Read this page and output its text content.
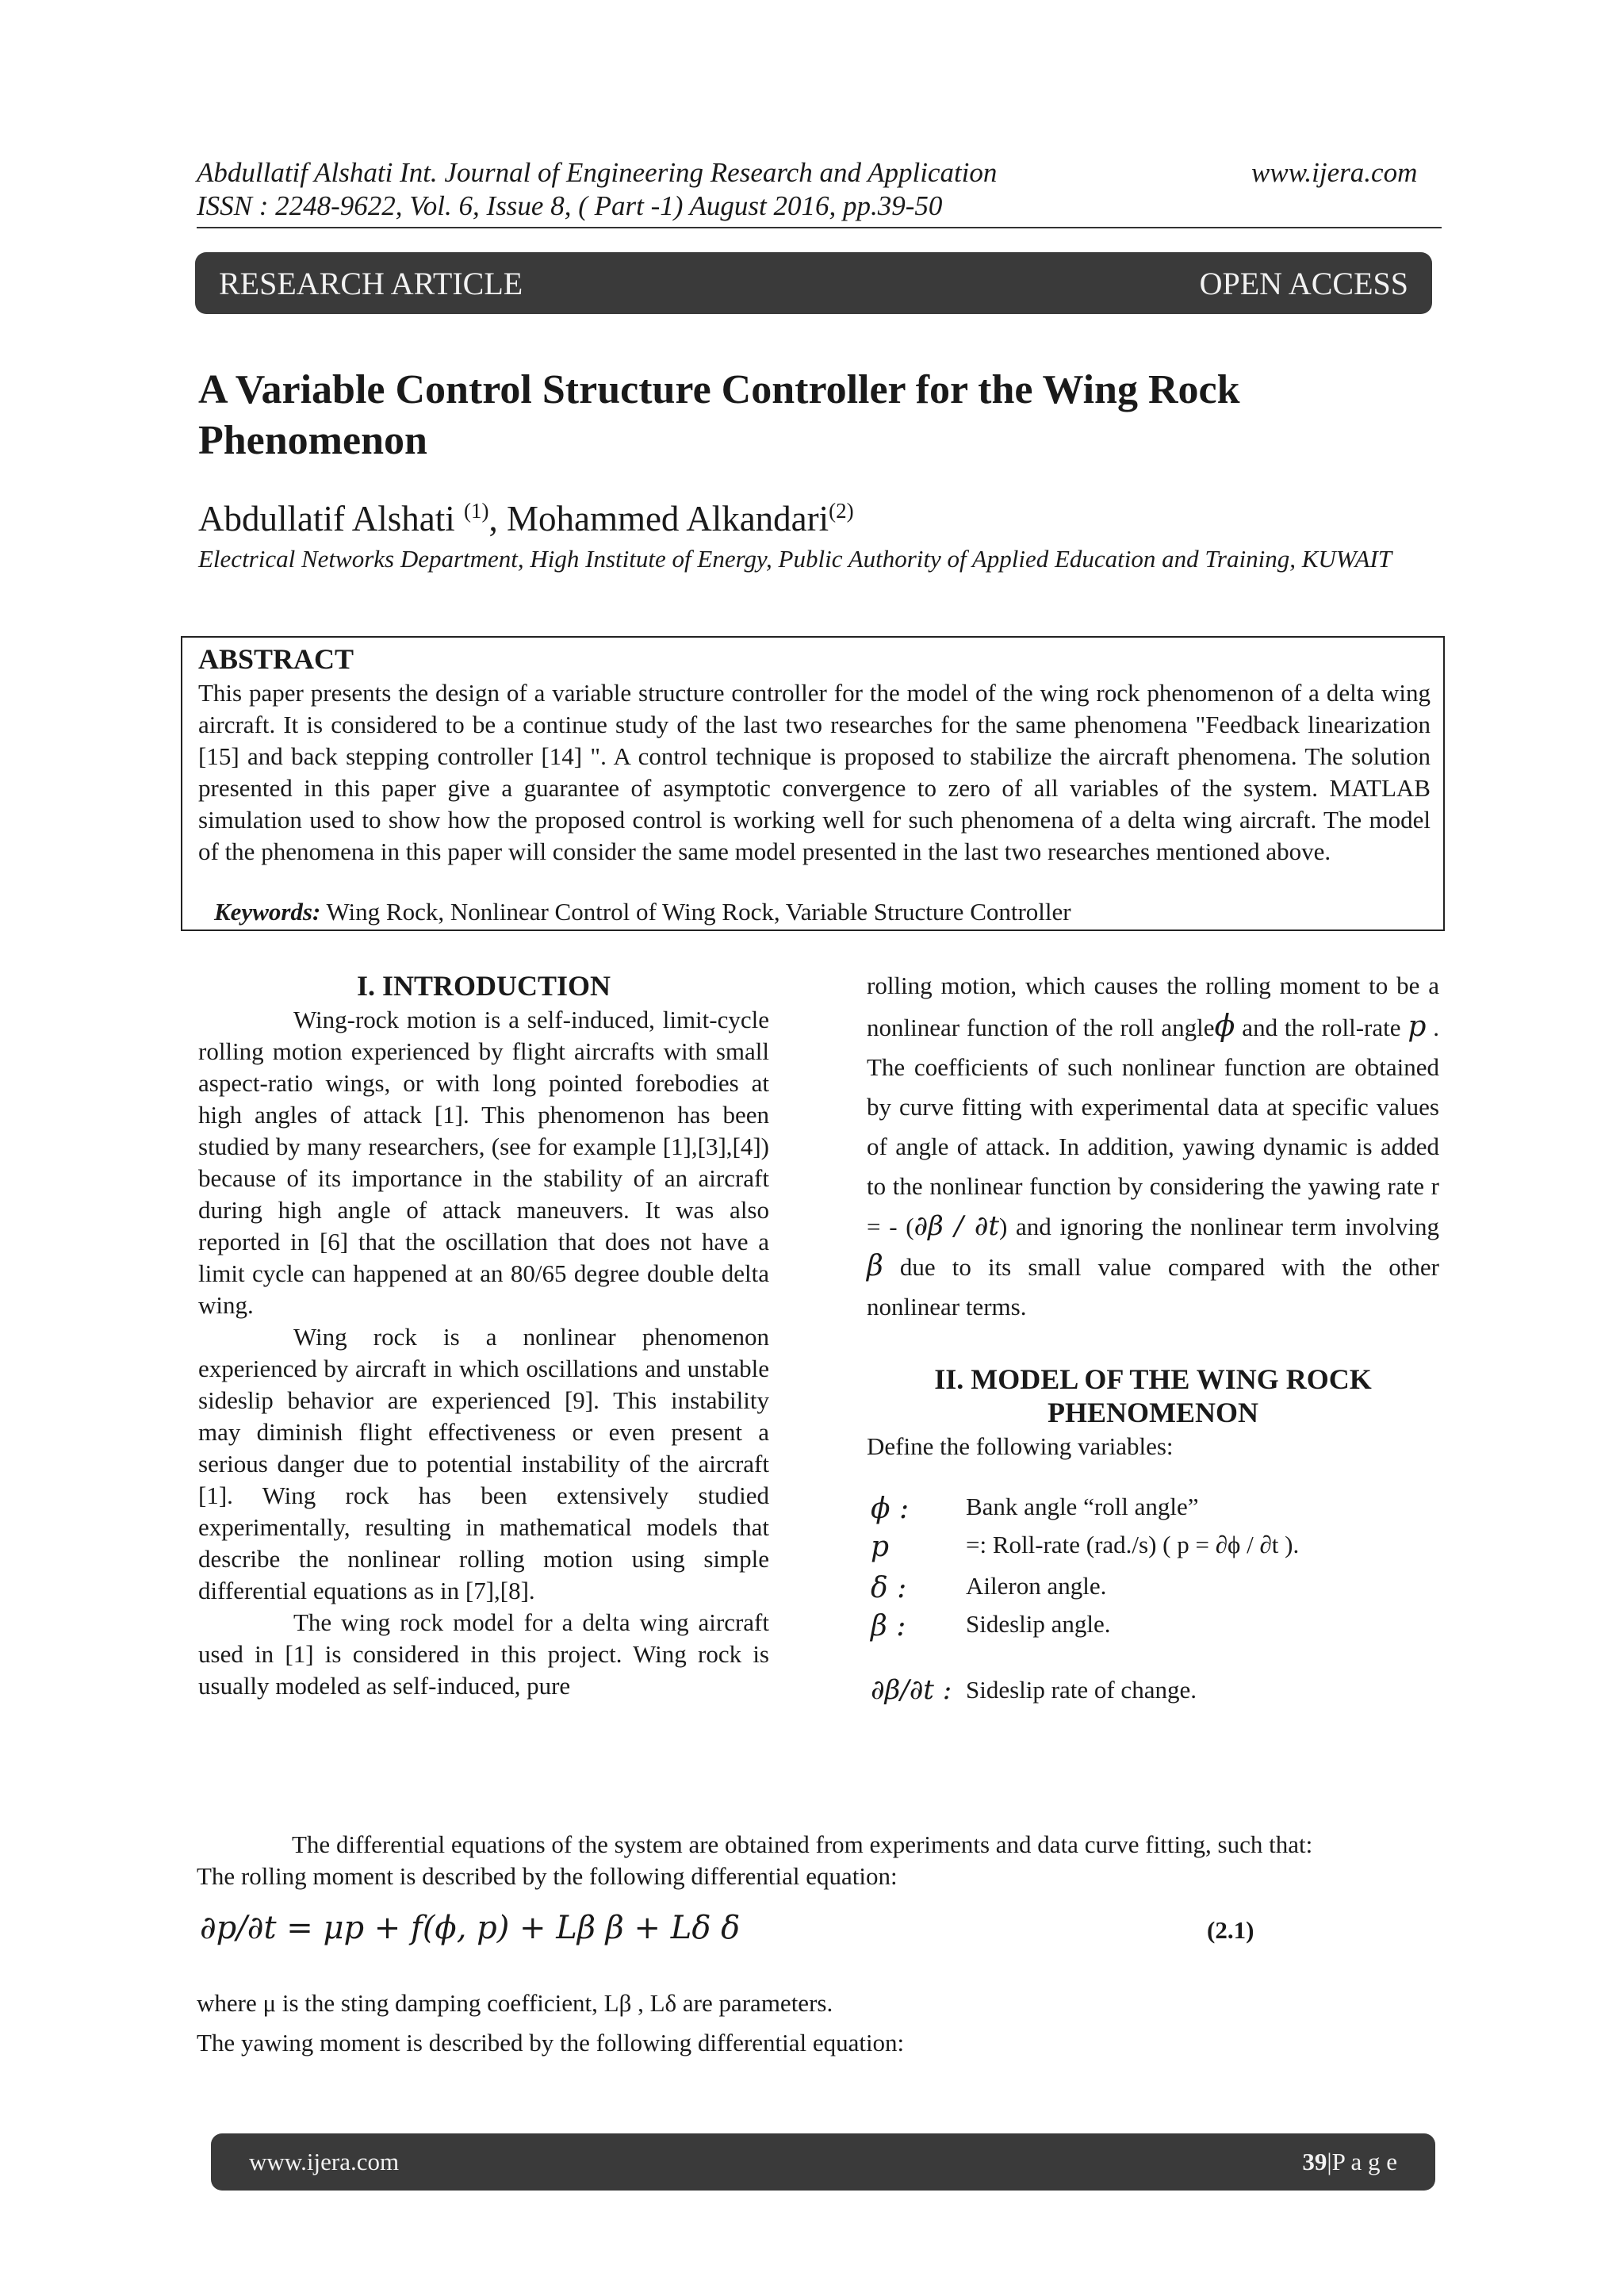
Abdullatif Alshati Int. Journal of Engineering Research and Application	www.ijera.com
ISSN : 2248-9622, Vol. 6, Issue 8, ( Part -1) August 2016, pp.39-50
RESEARCH ARTICLE	OPEN ACCESS
A Variable Control Structure Controller for the Wing Rock Phenomenon
Abdullatif Alshati $^{(1)}$, Mohammed Alkandari$^{(2)}$
Electrical Networks Department, High Institute of Energy, Public Authority of Applied Education and Training, KUWAIT
ABSTRACT
This paper presents the design of a variable structure controller for the model of the wing rock phenomenon of a delta wing aircraft. It is considered to be a continue study of the last two researches for the same phenomena "Feedback linearization [15] and back stepping controller [14] ". A control technique is proposed to stabilize the aircraft phenomena. The solution presented in this paper give a guarantee of asymptotic convergence to zero of all variables of the system. MATLAB simulation used to show how the proposed control is working well for such phenomena of a delta wing aircraft. The model of the phenomena in this paper will consider the same model presented in the last two researches mentioned above.
Keywords: Wing Rock, Nonlinear Control of Wing Rock, Variable Structure Controller
I. INTRODUCTION
Wing-rock motion is a self-induced, limit-cycle rolling motion experienced by flight aircrafts with small aspect-ratio wings, or with long pointed forebodies at high angles of attack [1]. This phenomenon has been studied by many researchers, (see for example [1],[3],[4]) because of its importance in the stability of an aircraft during high angle of attack maneuvers. It was also reported in [6] that the oscillation that does not have a limit cycle can happened at an 80/65 degree double delta wing.
Wing rock is a nonlinear phenomenon experienced by aircraft in which oscillations and unstable sideslip behavior are experienced [9]. This instability may diminish flight effectiveness or even present a serious danger due to potential instability of the aircraft [1]. Wing rock has been extensively studied experimentally, resulting in mathematical models that describe the nonlinear rolling motion using simple differential equations as in [7],[8].
The wing rock model for a delta wing aircraft used in [1] is considered in this project. Wing rock is usually modeled as self-induced, pure
rolling motion, which causes the rolling moment to be a nonlinear function of the roll angleϕ and the roll-rate p . The coefficients of such nonlinear function are obtained by curve fitting with experimental data at specific values of angle of attack. In addition, yawing dynamic is added to the nonlinear function by considering the yawing rate r = - (∂β / ∂t) and ignoring the nonlinear term involving β due to its small value compared with the other nonlinear terms.
II. MODEL OF THE WING ROCK PHENOMENON
Define the following variables:
ϕ :	Bank angle “roll angle”
p	=: Roll-rate (rad./s) ( p = ∂ϕ / ∂t ).
δ :	Aileron angle.
β :	Sideslip angle.
∂β/∂t : Sideslip rate of change.
The differential equations of the system are obtained from experiments and data curve fitting, such that:
The rolling moment is described by the following differential equation:
∂p/∂t = μp + f(ϕ, p) + Lβ β + Lδ δ	(2.1)
where μ is the sting damping coefficient, Lβ , Lδ are parameters.
The yawing moment is described by the following differential equation:
www.ijera.com	39|P a g e
